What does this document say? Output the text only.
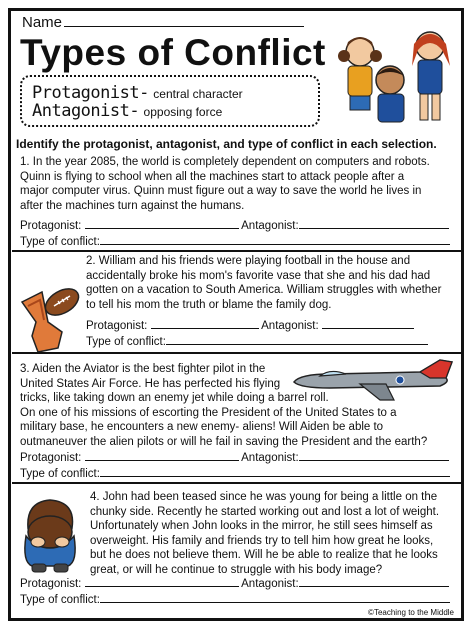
Name
Types of Conflict
Protagonist- central character
Antagonist- opposing force
Identify the protagonist, antagonist, and type of conflict in each selection.
1. In the year 2085, the world is completely dependent on computers and robots.
Quinn is flying to school when all the machines start to attack people after a
major computer virus. Quinn must figure out a way to save the world he lives in
after the machines turn against the humans.
Protagonist:	Antagonist:
Type of conflict:
2. William and his friends were playing football in the house and
accidentally broke his mom's favorite vase that she and his dad had
gotten on a vacation to South America. William struggles with whether
to tell his mom the truth or blame the family dog.
Protagonist:	Antagonist:
Type of conflict:
3. Aiden the Aviator is the best fighter pilot in the
United States Air Force. He has perfected his flying
tricks, like taking down an enemy jet while doing a barrel roll.
On one of his missions of escorting the President of the United States to a
military base, he encounters a new enemy- aliens! Will Aiden be able to
outmaneuver the alien pilots or will he fail in saving the President and the earth?
Protagonist:	Antagonist:
Type of conflict:
4. John had been teased since he was young for being a little on the
chunky side. Recently he started working out and lost a lot of weight.
Unfortunately when John looks in the mirror, he still sees himself as
overweight. His family and friends try to tell him how great he looks,
but he does not believe them. Will he be able to realize that he looks
great, or will he continue to struggle with his body image?
Protagonist:	Antagonist:
Type of conflict:
©Teaching to the Middle
